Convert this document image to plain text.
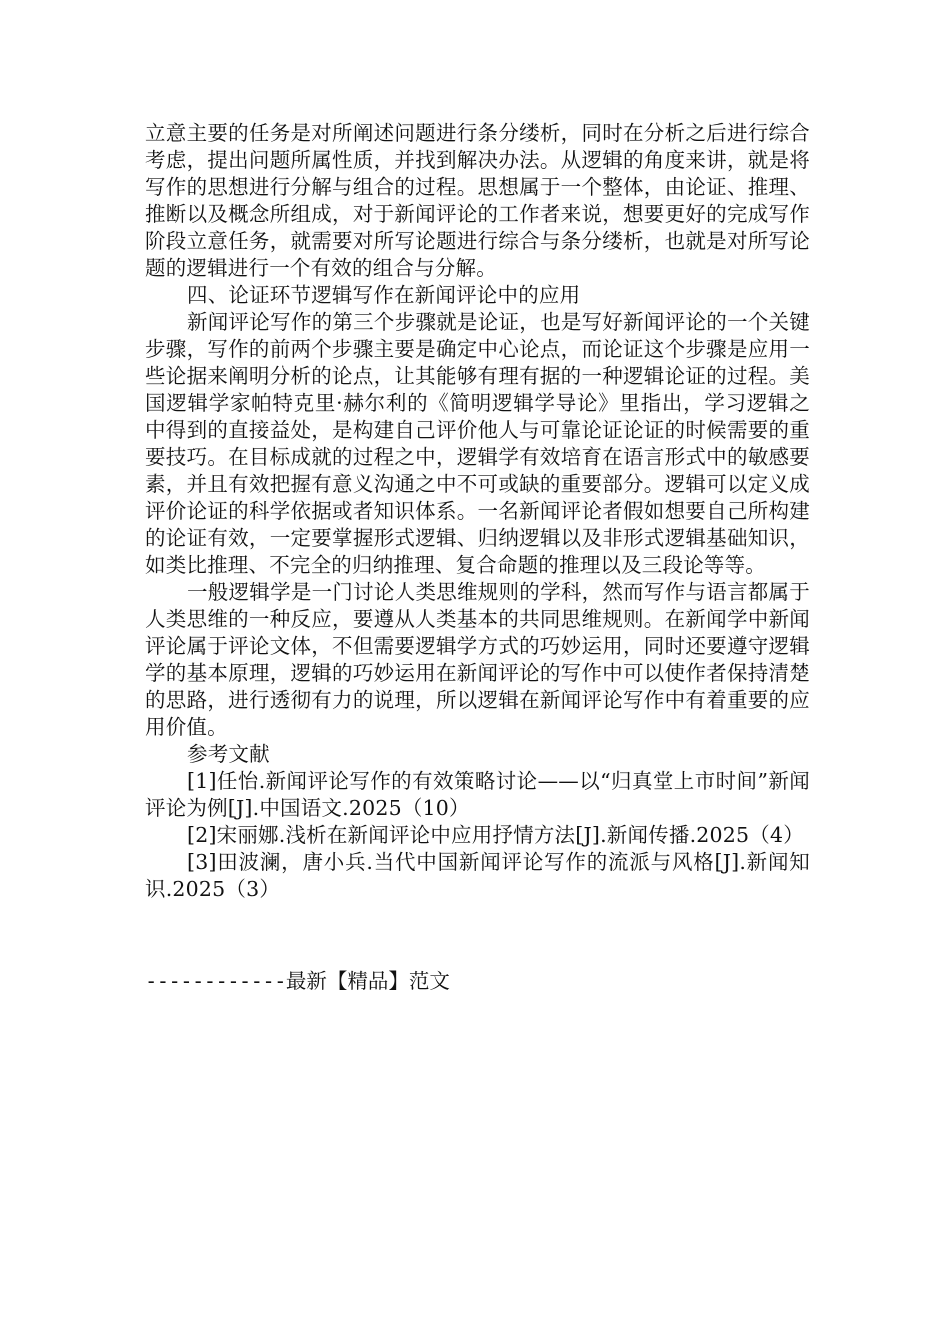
立意主要的任务是对所阐述问题进行条分缕析，同时在分析之后进行综合考虑，提出问题所属性质，并找到解决办法。从逻辑的角度来讲，就是将写作的思想进行分解与组合的过程。思想属于一个整体，由论证、推理、推断以及概念所组成，对于新闻评论的工作者来说，想要更好的完成写作阶段立意任务，就需要对所写论题进行综合与条分缕析，也就是对所写论题的逻辑进行一个有效的组合与分解。

四、论证环节逻辑写作在新闻评论中的应用

新闻评论写作的第三个步骤就是论证，也是写好新闻评论的一个关键步骤，写作的前两个步骤主要是确定中心论点，而论证这个步骤是应用一些论据来阐明分析的论点，让其能够有理有据的一种逻辑论证的过程。美国逻辑学家帕特克里·赫尔利的《简明逻辑学导论》里指出，学习逻辑之中得到的直接益处，是构建自己评价他人与可靠论证论证的时候需要的重要技巧。在目标成就的过程之中，逻辑学有效培育在语言形式中的敏感要素，并且有效把握有意义沟通之中不可或缺的重要部分。逻辑可以定义成评价论证的科学依据或者知识体系。一名新闻评论者假如想要自己所构建的论证有效，一定要掌握形式逻辑、归纳逻辑以及非形式逻辑基础知识，如类比推理、不完全的归纳推理、复合命题的推理以及三段论等等。

一般逻辑学是一门讨论人类思维规则的学科，然而写作与语言都属于人类思维的一种反应，要遵从人类基本的共同思维规则。在新闻学中新闻评论属于评论文体，不但需要逻辑学方式的巧妙运用，同时还要遵守逻辑学的基本原理，逻辑的巧妙运用在新闻评论的写作中可以使作者保持清楚的思路，进行透彻有力的说理，所以逻辑在新闻评论写作中有着重要的应用价值。

参考文献

[1]任怡.新闻评论写作的有效策略讨论——以“归真堂上市时间”新闻评论为例[J].中国语文.2025（10）

[2]宋丽娜.浅析在新闻评论中应用抒情方法[J].新闻传播.2025（4）

[3]田波澜，唐小兵.当代中国新闻评论写作的流派与风格[J].新闻知识.2025（3）

------------最新【精品】范文
